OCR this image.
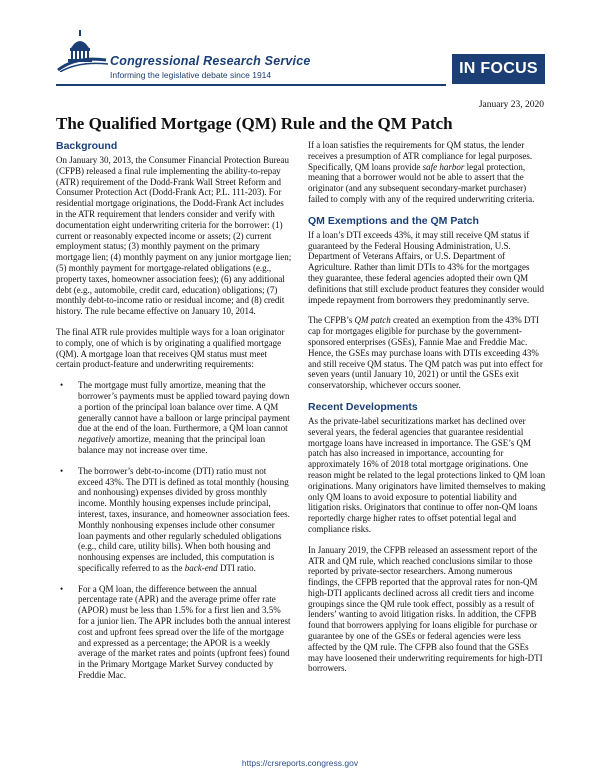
Congressional Research Service
Informing the legislative debate since 1914	IN FOCUS
January 23, 2020
The Qualified Mortgage (QM) Rule and the QM Patch
Background

On January 30, 2013, the Consumer Financial Protection Bureau (CFPB) released a final rule implementing the ability-to-repay (ATR) requirement of the Dodd-Frank Wall Street Reform and Consumer Protection Act (Dodd-Frank Act; P.L. 111-203). For residential mortgage originations, the Dodd-Frank Act includes in the ATR requirement that lenders consider and verify with documentation eight underwriting criteria for the borrower: (1) current or reasonably expected income or assets; (2) current employment status; (3) monthly payment on the primary mortgage lien; (4) monthly payment on any junior mortgage lien; (5) monthly payment for mortgage-related obligations (e.g., property taxes, homeowner association fees); (6) any additional debt (e.g., automobile, credit card, education) obligations; (7) monthly debt-to-income ratio or residual income; and (8) credit history. The rule became effective on January 10, 2014.

The final ATR rule provides multiple ways for a loan originator to comply, one of which is by originating a qualified mortgage (QM). A mortgage loan that receives QM status must meet certain product-feature and underwriting requirements:

• The mortgage must fully amortize, meaning that the borrower’s payments must be applied toward paying down a portion of the principal loan balance over time. A QM generally cannot have a balloon or large principal payment due at the end of the loan. Furthermore, a QM loan cannot negatively amortize, meaning that the principal loan balance may not increase over time.
• The borrower’s debt-to-income (DTI) ratio must not exceed 43%. The DTI is defined as total monthly (housing and nonhousing) expenses divided by gross monthly income. Monthly housing expenses include principal, interest, taxes, insurance, and homeowner association fees. Monthly nonhousing expenses include other consumer loan payments and other regularly scheduled obligations (e.g., child care, utility bills). When both housing and nonhousing expenses are included, this computation is specifically referred to as the back-end DTI ratio.
• For a QM loan, the difference between the annual percentage rate (APR) and the average prime offer rate (APOR) must be less than 1.5% for a first lien and 3.5% for a junior lien. The APR includes both the annual interest cost and upfront fees spread over the life of the mortgage and expressed as a percentage; the APOR is a weekly average of the market rates and points (upfront fees) found in the Primary Mortgage Market Survey conducted by Freddie Mac.

If a loan satisfies the requirements for QM status, the lender receives a presumption of ATR compliance for legal purposes. Specifically, QM loans provide safe harbor legal protection, meaning that a borrower would not be able to assert that the originator (and any subsequent secondary-market purchaser) failed to comply with any of the required underwriting criteria.

QM Exemptions and the QM Patch

If a loan’s DTI exceeds 43%, it may still receive QM status if guaranteed by the Federal Housing Administration, U.S. Department of Veterans Affairs, or U.S. Department of Agriculture. Rather than limit DTIs to 43% for the mortgages they guarantee, these federal agencies adopted their own QM definitions that still exclude product features they consider would impede repayment from borrowers they predominantly serve.

The CFPB’s QM patch created an exemption from the 43% DTI cap for mortgages eligible for purchase by the government-sponsored enterprises (GSEs), Fannie Mae and Freddie Mac. Hence, the GSEs may purchase loans with DTIs exceeding 43% and still receive QM status. The QM patch was put into effect for seven years (until January 10, 2021) or until the GSEs exit conservatorship, whichever occurs sooner.

Recent Developments

As the private-label securitizations market has declined over several years, the federal agencies that guarantee residential mortgage loans have increased in importance. The GSE’s QM patch has also increased in importance, accounting for approximately 16% of 2018 total mortgage originations. One reason might be related to the legal protections linked to QM loan originations. Many originators have limited themselves to making only QM loans to avoid exposure to potential liability and litigation risks. Originators that continue to offer non-QM loans reportedly charge higher rates to offset potential legal and compliance risks.

In January 2019, the CFPB released an assessment report of the ATR and QM rule, which reached conclusions similar to those reported by private-sector researchers. Among numerous findings, the CFPB reported that the approval rates for non-QM high-DTI applicants declined across all credit tiers and income groupings since the QM rule took effect, possibly as a result of lenders’ wanting to avoid litigation risks. In addition, the CFPB found that borrowers applying for loans eligible for purchase or guarantee by one of the GSEs or federal agencies were less affected by the QM rule. The CFPB also found that the GSEs may have loosened their underwriting requirements for high-DTI borrowers.

https://crsreports.congress.gov
